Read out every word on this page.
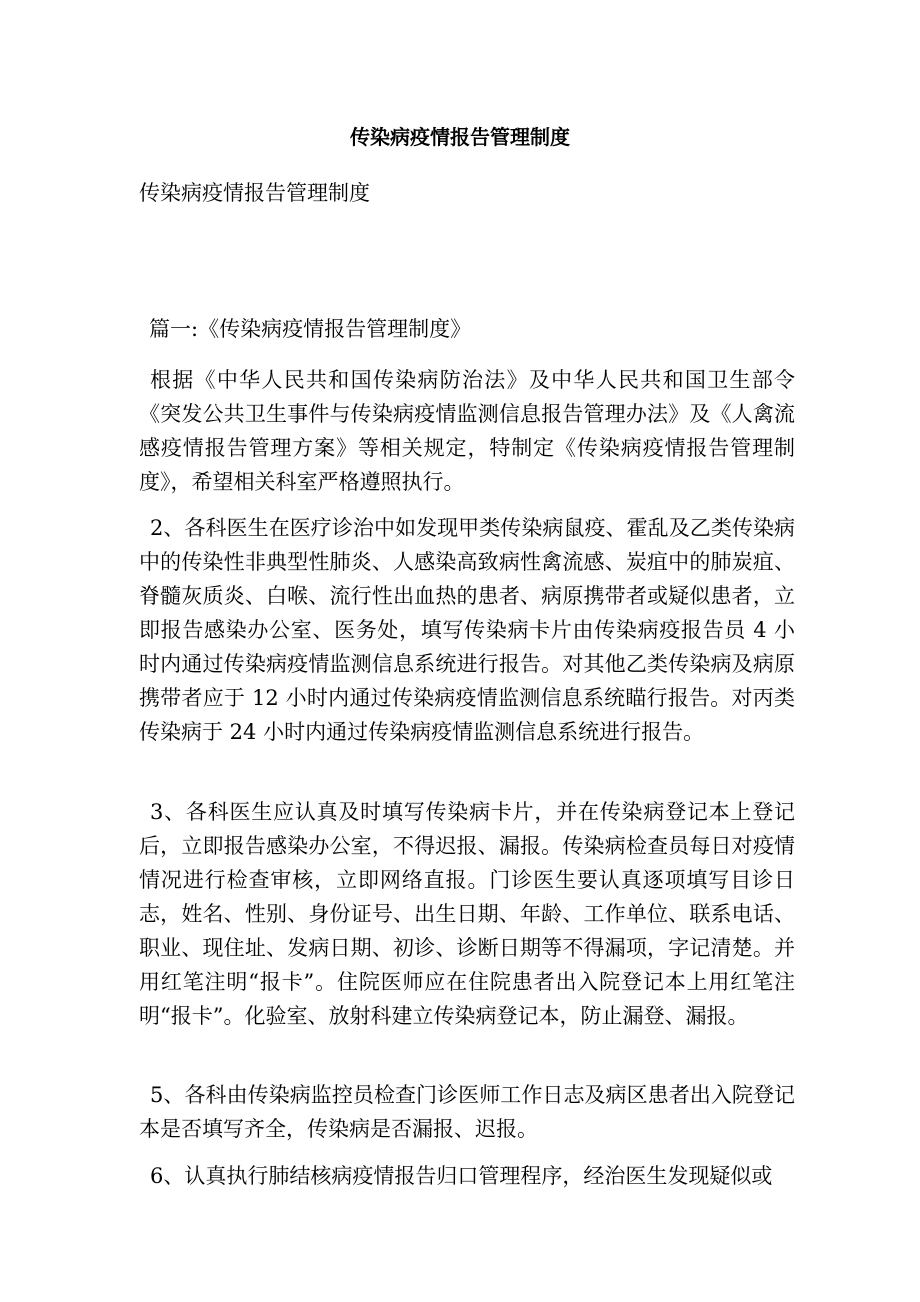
传染病疫情报告管理制度
传染病疫情报告管理制度
篇一:《传染病疫情报告管理制度》

根据《中华人民共和国传染病防治法》及中华人民共和国卫生部令《突发公共卫生事件与传染病疫情监测信息报告管理办法》及《人禽流感疫情报告管理方案》等相关规定，特制定《传染病疫情报告管理制度》，希望相关科室严格遵照执行。

2、各科医生在医疗诊治中如发现甲类传染病鼠疫、霍乱及乙类传染病中的传染性非典型性肺炎、人感染高致病性禽流感、炭疽中的肺炭疽、脊髓灰质炎、白喉、流行性出血热的患者、病原携带者或疑似患者，立即报告感染办公室、医务处，填写传染病卡片由传染病疫报告员 4 小时内通过传染病疫情监测信息系统进行报告。对其他乙类传染病及病原携带者应于 12 小时内通过传染病疫情监测信息系统瞄行报告。对丙类传染病于 24 小时内通过传染病疫情监测信息系统进行报告。

3、各科医生应认真及时填写传染病卡片，并在传染病登记本上登记后，立即报告感染办公室，不得迟报、漏报。传染病检查员每日对疫情情况进行检查审核，立即网络直报。门诊医生要认真逐项填写目诊日志，姓名、性别、身份证号、出生日期、年龄、工作单位、联系电话、职业、现住址、发病日期、初诊、诊断日期等不得漏项，字记清楚。并用红笔注明“报卡”。住院医师应在住院患者出入院登记本上用红笔注明“报卡”。化验室、放射科建立传染病登记本，防止漏登、漏报。

5、各科由传染病监控员检查门诊医师工作日志及病区患者出入院登记本是否填写齐全，传染病是否漏报、迟报。

6、认真执行肺结核病疫情报告归口管理程序，经治医生发现疑似或
